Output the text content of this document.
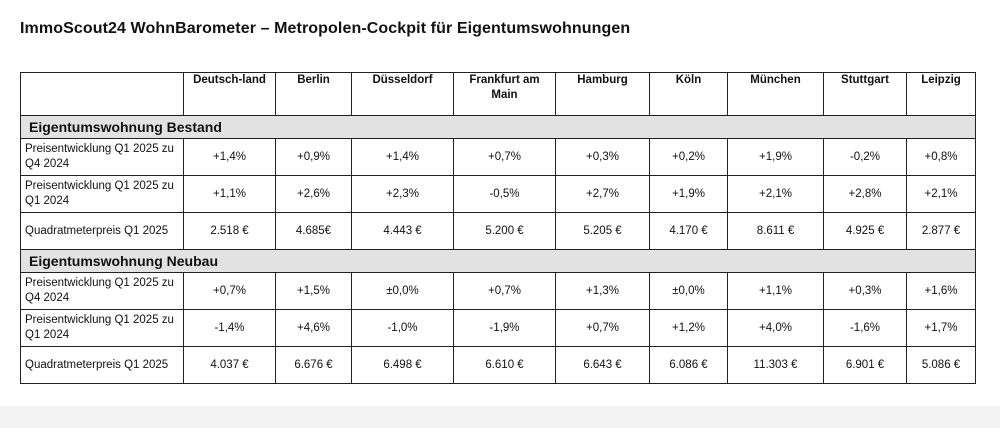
ImmoScout24 WohnBarometer – Metropolen-Cockpit für Eigentumswohnungen
	Deutsch-land	Berlin	Düsseldorf	Frankfurt am Main	Hamburg	Köln	München	Stuttgart	Leipzig
Eigentumswohnung Bestand									
Preisentwicklung Q1 2025 zu Q4 2024	+1,4%	+0,9%	+1,4%	+0,7%	+0,3%	+0,2%	+1,9%	-0,2%	+0,8%
Preisentwicklung Q1 2025 zu Q1 2024	+1,1%	+2,6%	+2,3%	-0,5%	+2,7%	+1,9%	+2,1%	+2,8%	+2,1%
Quadratmeterpreis Q1 2025	2.518 €	4.685€	4.443 €	5.200 €	5.205 €	4.170 €	8.611 €	4.925 €	2.877 €
Eigentumswohnung Neubau									
Preisentwicklung Q1 2025 zu Q4 2024	+0,7%	+1,5%	±0,0%	+0,7%	+1,3%	±0,0%	+1,1%	+0,3%	+1,6%
Preisentwicklung Q1 2025 zu Q1 2024	-1,4%	+4,6%	-1,0%	-1,9%	+0,7%	+1,2%	+4,0%	-1,6%	+1,7%
Quadratmeterpreis Q1 2025	4.037 €	6.676 €	6.498 €	6.610 €	6.643 €	6.086 €	11.303 €	6.901 €	5.086 €
